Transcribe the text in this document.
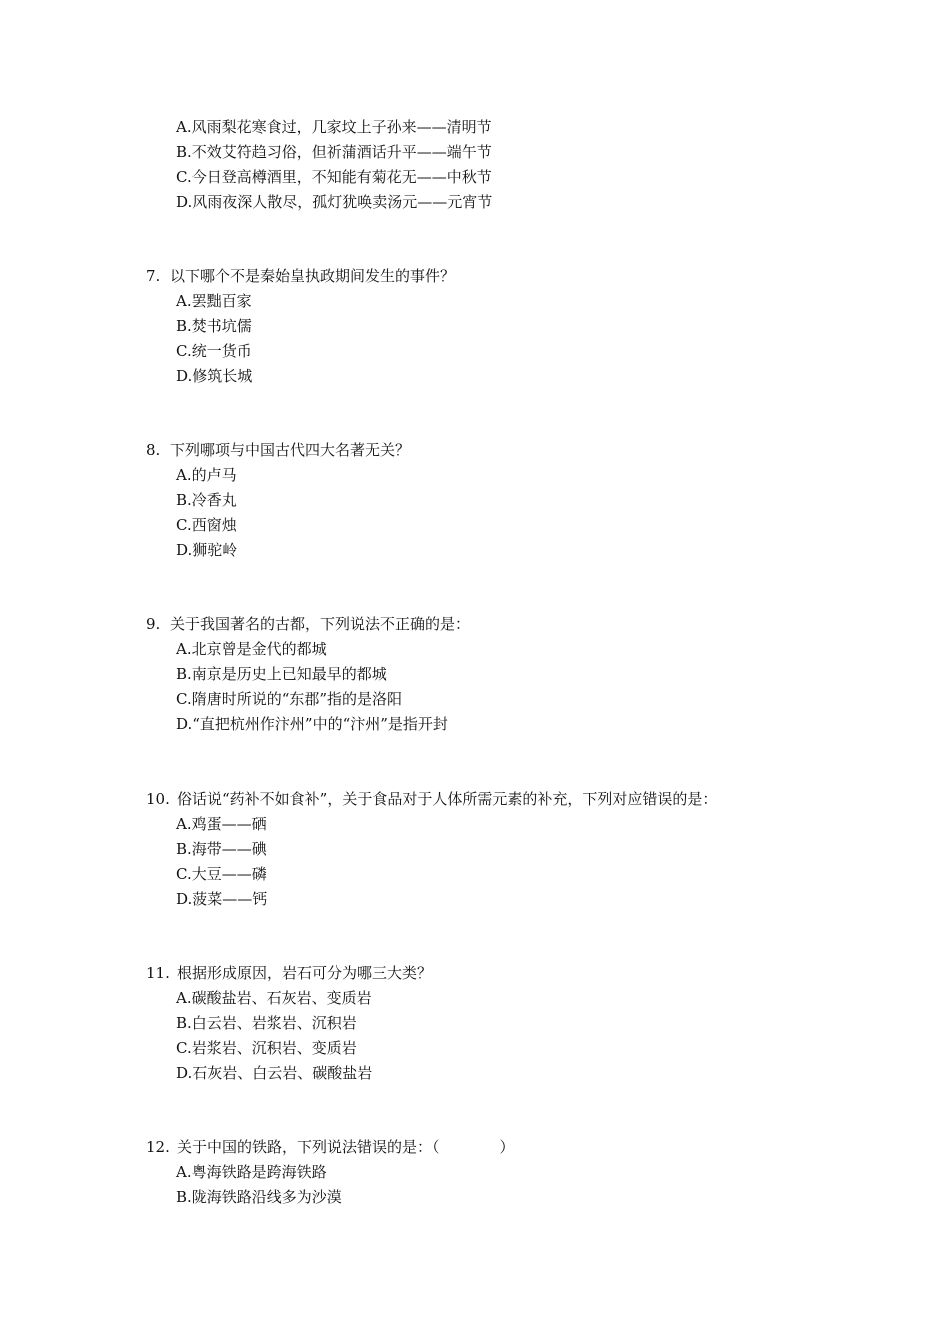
A.风雨梨花寒食过，几家坟上子孙来——清明节
B.不效艾符趋习俗，但祈蒲酒话升平——端午节
C.今日登高樽酒里，不知能有菊花无——中秋节
D.风雨夜深人散尽，孤灯犹唤卖汤元——元宵节
7. 以下哪个不是秦始皇执政期间发生的事件？
A.罢黜百家
B.焚书坑儒
C.统一货币
D.修筑长城
8. 下列哪项与中国古代四大名著无关？
A.的卢马
B.冷香丸
C.西窗烛
D.狮驼岭
9. 关于我国著名的古都，下列说法不正确的是：
A.北京曾是金代的都城
B.南京是历史上已知最早的都城
C.隋唐时所说的“东郡”指的是洛阳
D.“直把杭州作汴州”中的“汴州”是指开封
10. 俗话说“药补不如食补”，关于食品对于人体所需元素的补充，下列对应错误的是：
A.鸡蛋——硒
B.海带——碘
C.大豆——磷
D.菠菜——钙
11. 根据形成原因，岩石可分为哪三大类？
A.碳酸盐岩、石灰岩、变质岩
B.白云岩、岩浆岩、沉积岩
C.岩浆岩、沉积岩、变质岩
D.石灰岩、白云岩、碳酸盐岩
12. 关于中国的铁路，下列说法错误的是：（　　　　）
A.粤海铁路是跨海铁路
B.陇海铁路沿线多为沙漠
